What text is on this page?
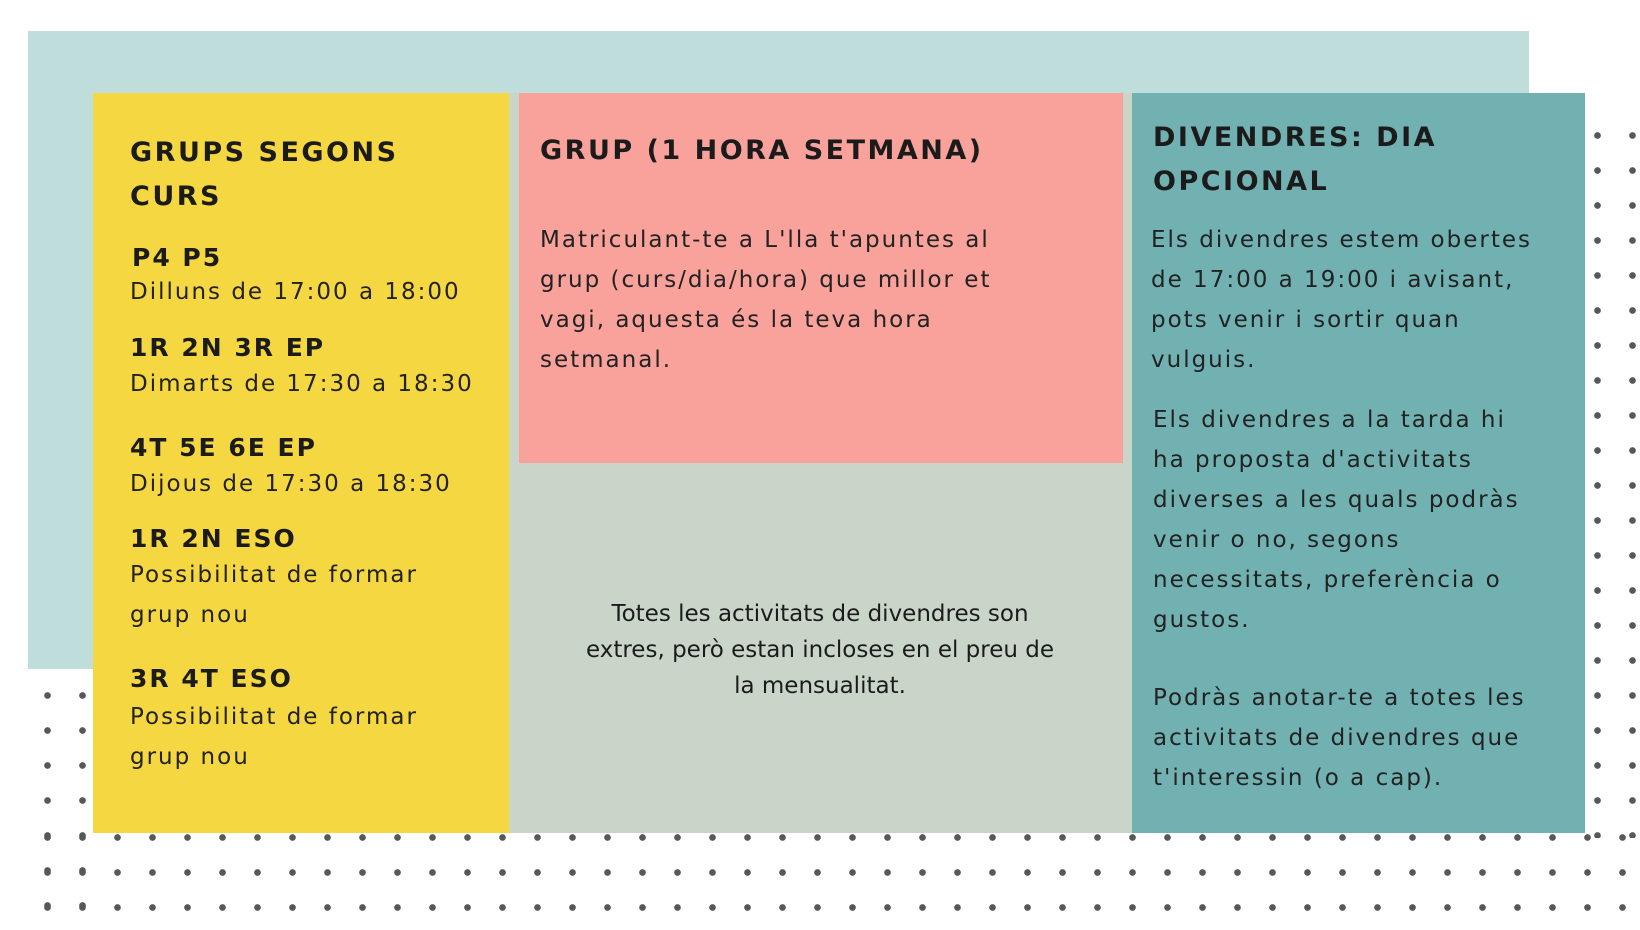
GRUPS SEGONS
CURS
P4 P5
Dilluns de 17:00 a 18:00
1R 2N 3R EP
Dimarts de 17:30 a 18:30
4T 5E 6E EP
Dijous de 17:30 a 18:30
1R 2N ESO
Possibilitat de formar
grup nou
3R 4T ESO
Possibilitat de formar
grup nou
GRUP (1 HORA SETMANA)
Matriculant-te a L'lla t'apuntes al
grup (curs/dia/hora) que millor et
vagi, aquesta és la teva hora
setmanal.
Totes les activitats de divendres son
extres, però estan incloses en el preu de
la mensualitat.
DIVENDRES: DIA
OPCIONAL
Els divendres estem obertes
de 17:00 a 19:00 i avisant,
pots venir i sortir quan
vulguis.
Els divendres a la tarda hi
ha proposta d'activitats
diverses a les quals podràs
venir o no, segons
necessitats, preferència o
gustos.
Podràs anotar-te a totes les
activitats de divendres que
t'interessin (o a cap).
